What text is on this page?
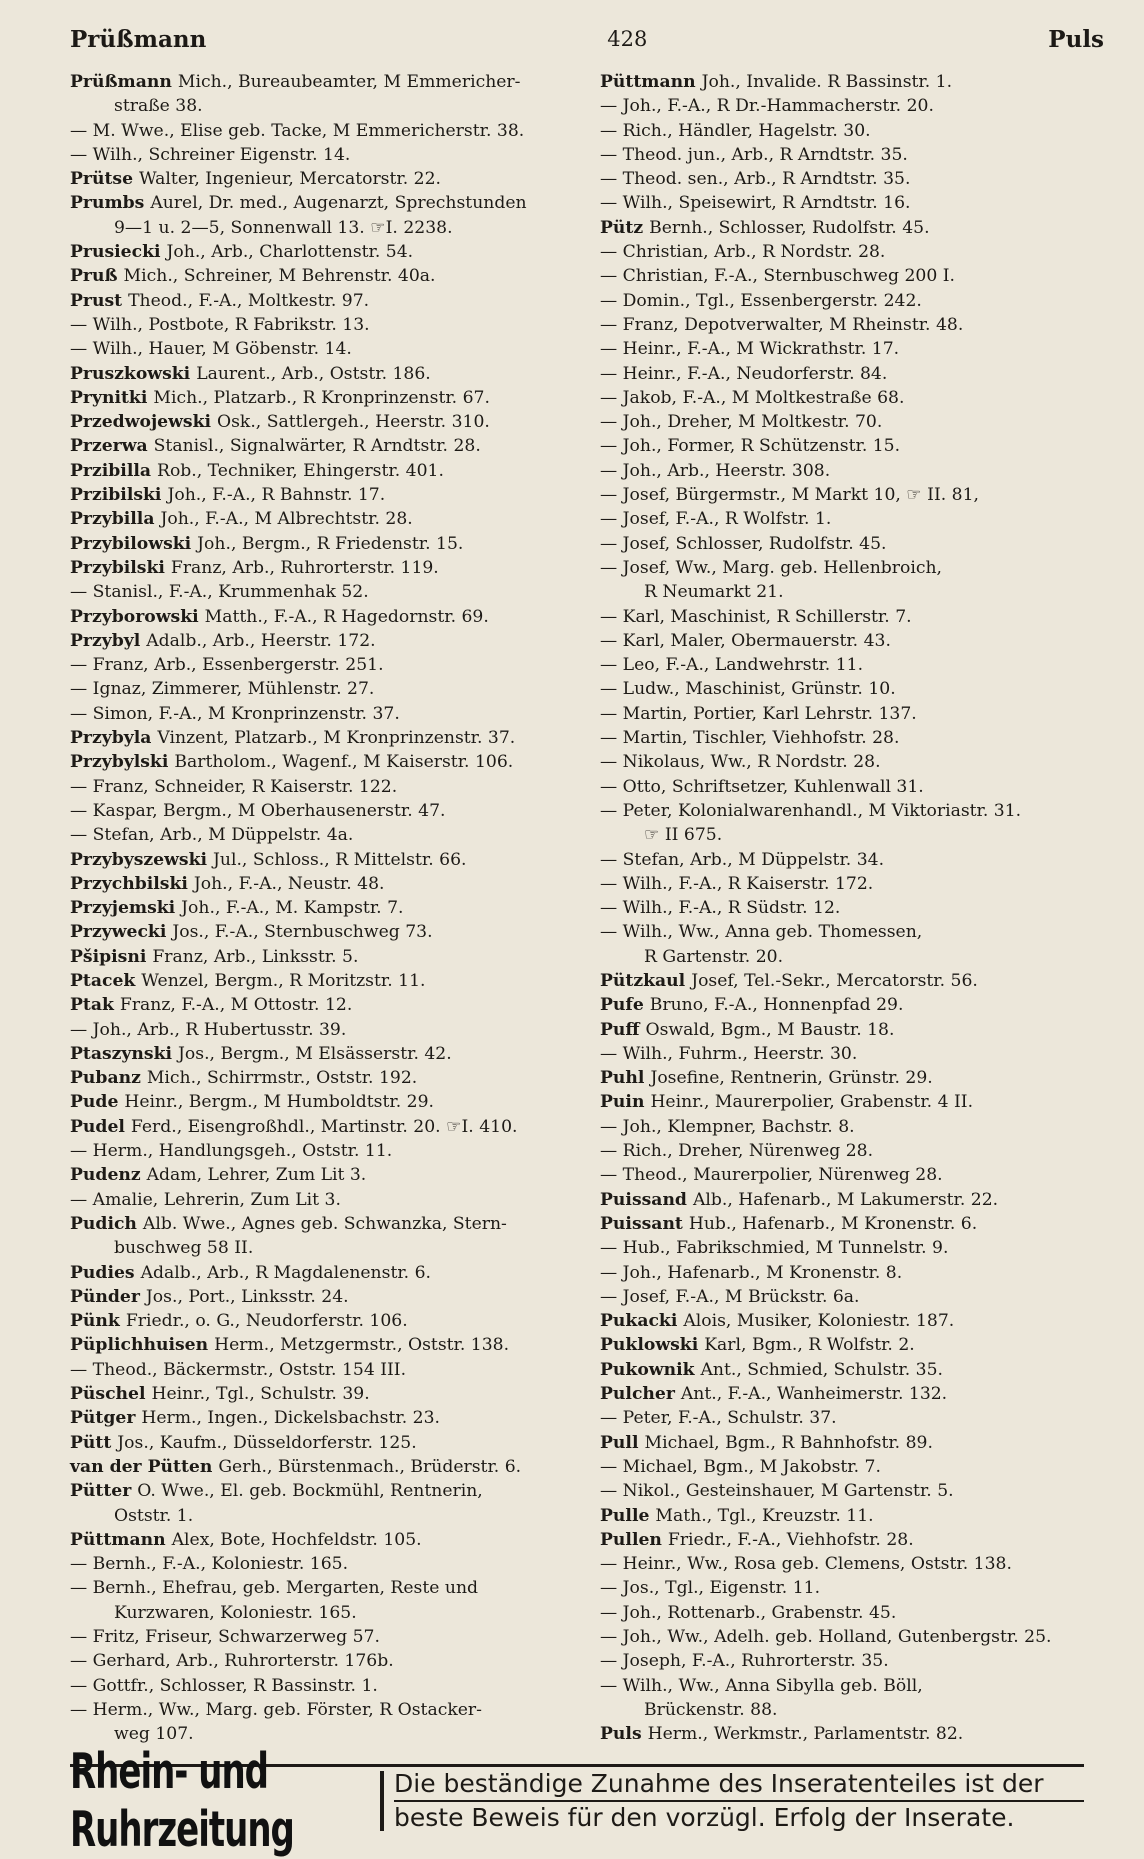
Prüßmann	428	Puls
Prüßmann Mich., Bureaubeamter, M Emmericher-
straße 38.
— M. Wwe., Elise geb. Tacke, M Emmericherstr. 38.
— Wilh., Schreiner Eigenstr. 14.
Prütse Walter, Ingenieur, Mercatorstr. 22.
Prumbs Aurel, Dr. med., Augenarzt, Sprechstunden
9—1 u. 2—5, Sonnenwall 13. ☞I. 2238.
Prusiecki Joh., Arb., Charlottenstr. 54.
Pruß Mich., Schreiner, M Behrenstr. 40a.
Prust Theod., F.-A., Moltkestr. 97.
— Wilh., Postbote, R Fabrikstr. 13.
— Wilh., Hauer, M Göbenstr. 14.
Pruszkowski Laurent., Arb., Oststr. 186.
Prynitki Mich., Platzarb., R Kronprinzenstr. 67.
Przedwojewski Osk., Sattlergeh., Heerstr. 310.
Przerwa Stanisl., Signalwärter, R Arndtstr. 28.
Przibilla Rob., Techniker, Ehingerstr. 401.
Przibilski Joh., F.-A., R Bahnstr. 17.
Przybilla Joh., F.-A., M Albrechtstr. 28.
Przybilowski Joh., Bergm., R Friedenstr. 15.
Przybilski Franz, Arb., Ruhrorterstr. 119.
— Stanisl., F.-A., Krummenhak 52.
Przyborowski Matth., F.-A., R Hagedornstr. 69.
Przybyl Adalb., Arb., Heerstr. 172.
— Franz, Arb., Essenbergerstr. 251.
— Ignaz, Zimmerer, Mühlenstr. 27.
— Simon, F.-A., M Kronprinzenstr. 37.
Przybyla Vinzent, Platzarb., M Kronprinzenstr. 37.
Przybylski Bartholom., Wagenf., M Kaiserstr. 106.
— Franz, Schneider, R Kaiserstr. 122.
— Kaspar, Bergm., M Oberhausenerstr. 47.
— Stefan, Arb., M Düppelstr. 4a.
Przybyszewski Jul., Schloss., R Mittelstr. 66.
Przychbilski Joh., F.-A., Neustr. 48.
Przyjemski Joh., F.-A., M. Kampstr. 7.
Przywecki Jos., F.-A., Sternbuschweg 73.
Pšipisni Franz, Arb., Linksstr. 5.
Ptacek Wenzel, Bergm., R Moritzstr. 11.
Ptak Franz, F.-A., M Ottostr. 12.
— Joh., Arb., R Hubertusstr. 39.
Ptaszynski Jos., Bergm., M Elsässerstr. 42.
Pubanz Mich., Schirrmstr., Oststr. 192.
Pude Heinr., Bergm., M Humboldtstr. 29.
Pudel Ferd., Eisengroßhdl., Martinstr. 20. ☞I. 410.
— Herm., Handlungsgeh., Oststr. 11.
Pudenz Adam, Lehrer, Zum Lit 3.
— Amalie, Lehrerin, Zum Lit 3.
Pudich Alb. Wwe., Agnes geb. Schwanzka, Stern-
buschweg 58 II.
Pudies Adalb., Arb., R Magdalenenstr. 6.
Pünder Jos., Port., Linksstr. 24.
Pünk Friedr., o. G., Neudorferstr. 106.
Püplichhuisen Herm., Metzgermstr., Oststr. 138.
— Theod., Bäckermstr., Oststr. 154 III.
Püschel Heinr., Tgl., Schulstr. 39.
Pütger Herm., Ingen., Dickelsbachstr. 23.
Pütt Jos., Kaufm., Düsseldorferstr. 125.
van der Pütten Gerh., Bürstenmach., Brüderstr. 6.
Pütter O. Wwe., El. geb. Bockmühl, Rentnerin,
Oststr. 1.
Püttmann Alex, Bote, Hochfeldstr. 105.
— Bernh., F.-A., Koloniestr. 165.
— Bernh., Ehefrau, geb. Mergarten, Reste und
Kurzwaren, Koloniestr. 165.
— Fritz, Friseur, Schwarzerweg 57.
— Gerhard, Arb., Ruhrorterstr. 176b.
— Gottfr., Schlosser, R Bassinstr. 1.
— Herm., Ww., Marg. geb. Förster, R Ostacker-
weg 107.
Püttmann Joh., Invalide. R Bassinstr. 1.
— Joh., F.-A., R Dr.-Hammacherstr. 20.
— Rich., Händler, Hagelstr. 30.
— Theod. jun., Arb., R Arndtstr. 35.
— Theod. sen., Arb., R Arndtstr. 35.
— Wilh., Speisewirt, R Arndtstr. 16.
Pütz Bernh., Schlosser, Rudolfstr. 45.
— Christian, Arb., R Nordstr. 28.
— Christian, F.-A., Sternbuschweg 200 I.
— Domin., Tgl., Essenbergerstr. 242.
— Franz, Depotverwalter, M Rheinstr. 48.
— Heinr., F.-A., M Wickrathstr. 17.
— Heinr., F.-A., Neudorferstr. 84.
— Jakob, F.-A., M Moltkestraße 68.
— Joh., Dreher, M Moltkestr. 70.
— Joh., Former, R Schützenstr. 15.
— Joh., Arb., Heerstr. 308.
— Josef, Bürgermstr., M Markt 10, ☞ II. 81,
— Josef, F.-A., R Wolfstr. 1.
— Josef, Schlosser, Rudolfstr. 45.
— Josef, Ww., Marg. geb. Hellenbroich,
R Neumarkt 21.
— Karl, Maschinist, R Schillerstr. 7.
— Karl, Maler, Obermauerstr. 43.
— Leo, F.-A., Landwehrstr. 11.
— Ludw., Maschinist, Grünstr. 10.
— Martin, Portier, Karl Lehrstr. 137.
— Martin, Tischler, Viehhofstr. 28.
— Nikolaus, Ww., R Nordstr. 28.
— Otto, Schriftsetzer, Kuhlenwall 31.
— Peter, Kolonialwarenhandl., M Viktoriastr. 31.
☞ II 675.
— Stefan, Arb., M Düppelstr. 34.
— Wilh., F.-A., R Kaiserstr. 172.
— Wilh., F.-A., R Südstr. 12.
— Wilh., Ww., Anna geb. Thomessen,
R Gartenstr. 20.
Pützkaul Josef, Tel.-Sekr., Mercatorstr. 56.
Pufe Bruno, F.-A., Honnenpfad 29.
Puff Oswald, Bgm., M Baustr. 18.
— Wilh., Fuhrm., Heerstr. 30.
Puhl Josefine, Rentnerin, Grünstr. 29.
Puin Heinr., Maurerpolier, Grabenstr. 4 II.
— Joh., Klempner, Bachstr. 8.
— Rich., Dreher, Nürenweg 28.
— Theod., Maurerpolier, Nürenweg 28.
Puissand Alb., Hafenarb., M Lakumerstr. 22.
Puissant Hub., Hafenarb., M Kronenstr. 6.
— Hub., Fabrikschmied, M Tunnelstr. 9.
— Joh., Hafenarb., M Kronenstr. 8.
— Josef, F.-A., M Brückstr. 6a.
Pukacki Alois, Musiker, Koloniestr. 187.
Puklowski Karl, Bgm., R Wolfstr. 2.
Pukownik Ant., Schmied, Schulstr. 35.
Pulcher Ant., F.-A., Wanheimerstr. 132.
— Peter, F.-A., Schulstr. 37.
Pull Michael, Bgm., R Bahnhofstr. 89.
— Michael, Bgm., M Jakobstr. 7.
— Nikol., Gesteinshauer, M Gartenstr. 5.
Pulle Math., Tgl., Kreuzstr. 11.
Pullen Friedr., F.-A., Viehhofstr. 28.
— Heinr., Ww., Rosa geb. Clemens, Oststr. 138.
— Jos., Tgl., Eigenstr. 11.
— Joh., Rottenarb., Grabenstr. 45.
— Joh., Ww., Adelh. geb. Holland, Gutenbergstr. 25.
— Joseph, F.-A., Ruhrorterstr. 35.
— Wilh., Ww., Anna Sibylla geb. Böll,
Brückenstr. 88.
Puls Herm., Werkmstr., Parlamentstr. 82.
Rhein- und Ruhrzeitung
Die beständige Zunahme des Inseratenteiles ist der
beste Beweis für den vorzügl. Erfolg der Inserate.
